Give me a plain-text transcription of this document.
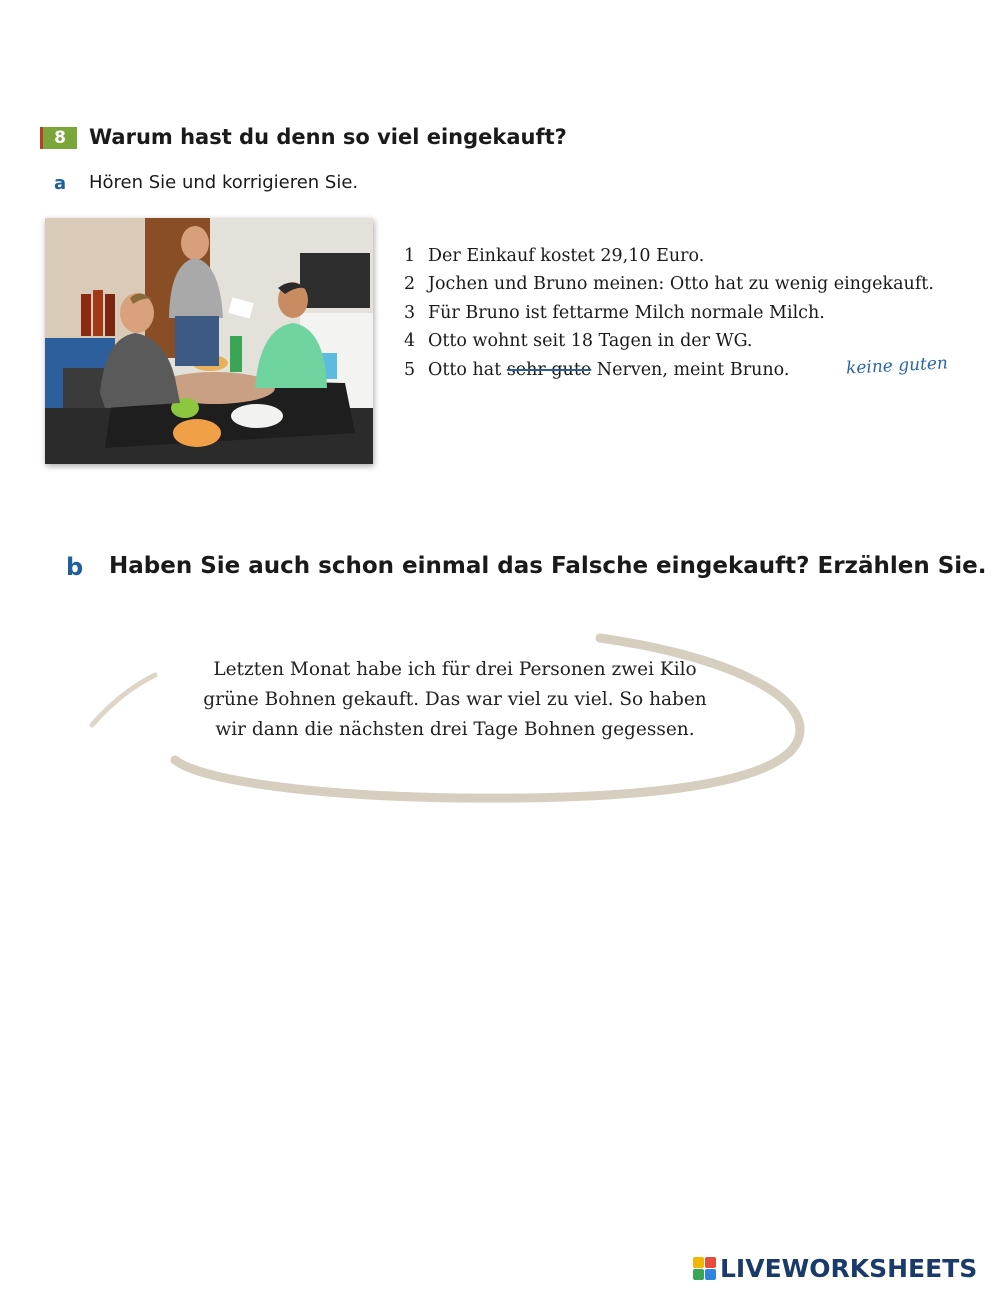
8	Warum hast du denn so viel eingekauft?
a Hören Sie und korrigieren Sie.
1 Der Einkauf kostet 29,10 Euro.
2 Jochen und Bruno meinen: Otto hat zu wenig eingekauft.
3 Für Bruno ist fettarme Milch normale Milch.
4 Otto wohnt seit 18 Tagen in der WG.
5 Otto hat sehr gute Nerven, meint Bruno.	keine guten
b Haben Sie auch schon einmal das Falsche eingekauft? Erzählen Sie.
Letzten Monat habe ich für drei Personen zwei Kilo
grüne Bohnen gekauft. Das war viel zu viel. So haben
wir dann die nächsten drei Tage Bohnen gegessen.
LIVEWORKSHEETS
